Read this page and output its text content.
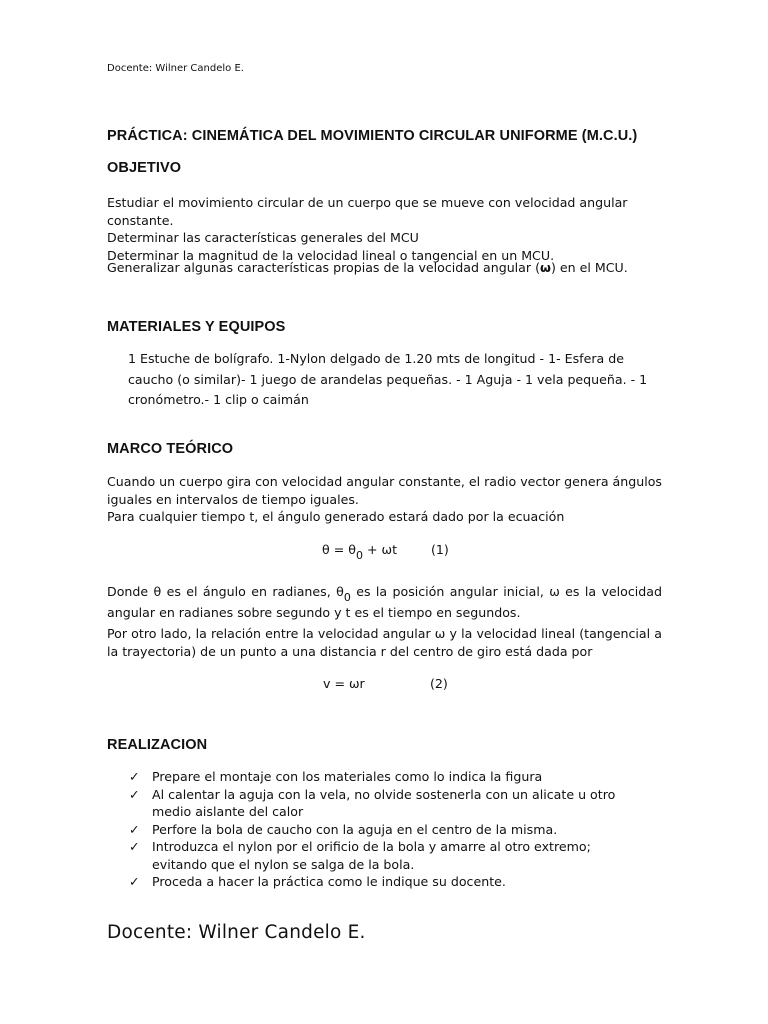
Docente: Wilner Candelo E.
PRÁCTICA: CINEMÁTICA DEL MOVIMIENTO CIRCULAR UNIFORME (M.C.U.)
OBJETIVO

Estudiar el movimiento circular de un cuerpo que se mueve con velocidad angular constante.

Determinar las características generales del MCU

Determinar la magnitud de la velocidad lineal o tangencial en un MCU.

Generalizar algunas características propias de la velocidad angular (ω) en el MCU.
MATERIALES Y EQUIPOS
1 Estuche de bolígrafo. 1-Nylon delgado de 1.20 mts de longitud - 1- Esfera de caucho (o similar)- 1 juego de arandelas pequeñas. - 1 Aguja - 1 vela pequeña. - 1 cronómetro.- 1 clip o caimán
MARCO TEÓRICO
Cuando un cuerpo gira con velocidad angular constante, el radio vector genera ángulos iguales en intervalos de tiempo iguales.
Para cualquier tiempo t, el ángulo generado estará dado por la ecuación
θ = θ0 + ωt	(1)
Donde θ es el ángulo en radianes, θ0 es la posición angular inicial, ω es la velocidad angular en radianes sobre segundo y t es el tiempo en segundos.
Por otro lado, la relación entre la velocidad angular ω y la velocidad lineal (tangencial a la trayectoria) de un punto a una distancia r del centro de giro está dada por
v = ωr	(2)
REALIZACION
✓ Prepare el montaje con los materiales como lo indica la figura
✓ Al calentar la aguja con la vela, no olvide sostenerla con un alicate u otro medio aislante del calor
✓ Perfore la bola de caucho con la aguja en el centro de la misma.
✓ Introduzca el nylon por el orificio de la bola y amarre al otro extremo; evitando que el nylon se salga de la bola.
✓ Proceda a hacer la práctica como le indique su docente.
Docente: Wilner Candelo E.
